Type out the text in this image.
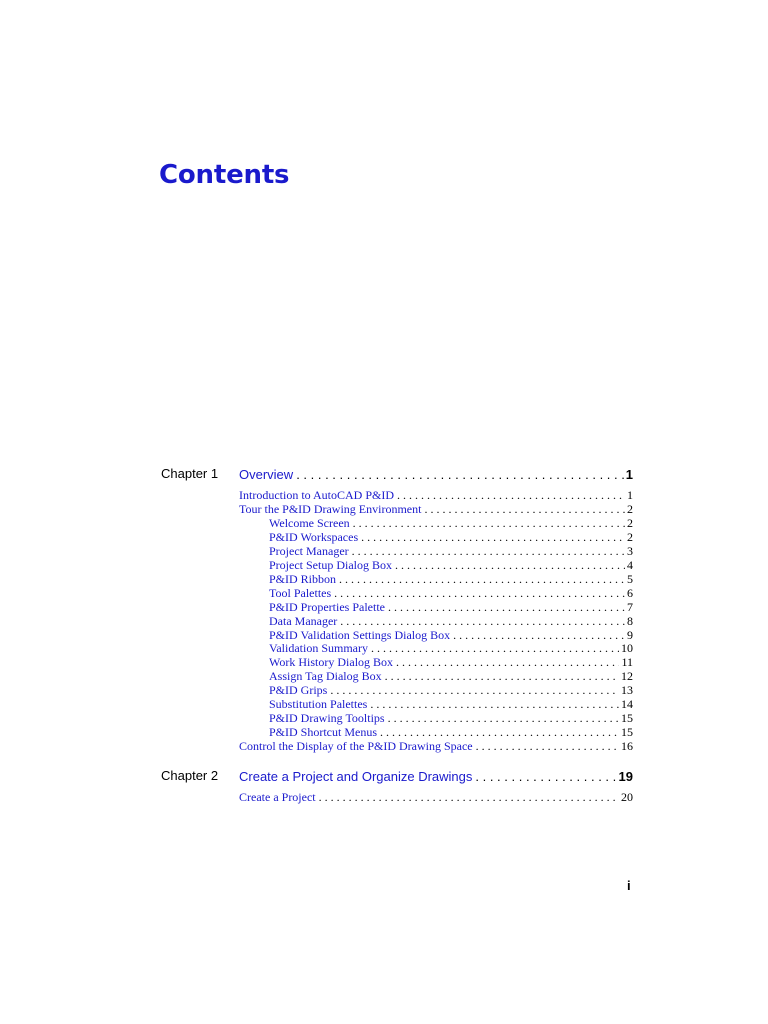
Contents
Chapter 1 Overview . . .	1
Introduction to AutoCAD P&ID . . .	1
Tour the P&ID Drawing Environment . . .	2
Welcome Screen . . .	2
P&ID Workspaces . . .	2
Project Manager . . .	3
Project Setup Dialog Box . . .	4
P&ID Ribbon . . .	5
Tool Palettes . . .	6
P&ID Properties Palette . . .	7
Data Manager . . .	8
P&ID Validation Settings Dialog Box . . .	9
Validation Summary . . .	10
Work History Dialog Box . . .	11
Assign Tag Dialog Box . . .	12
P&ID Grips . . .	13
Substitution Palettes . . .	14
P&ID Drawing Tooltips . . .	15
P&ID Shortcut Menus . . .	15
Control the Display of the P&ID Drawing Space . . .	16
Chapter 2 Create a Project and Organize Drawings . . .	19
Create a Project . . .	20
i
